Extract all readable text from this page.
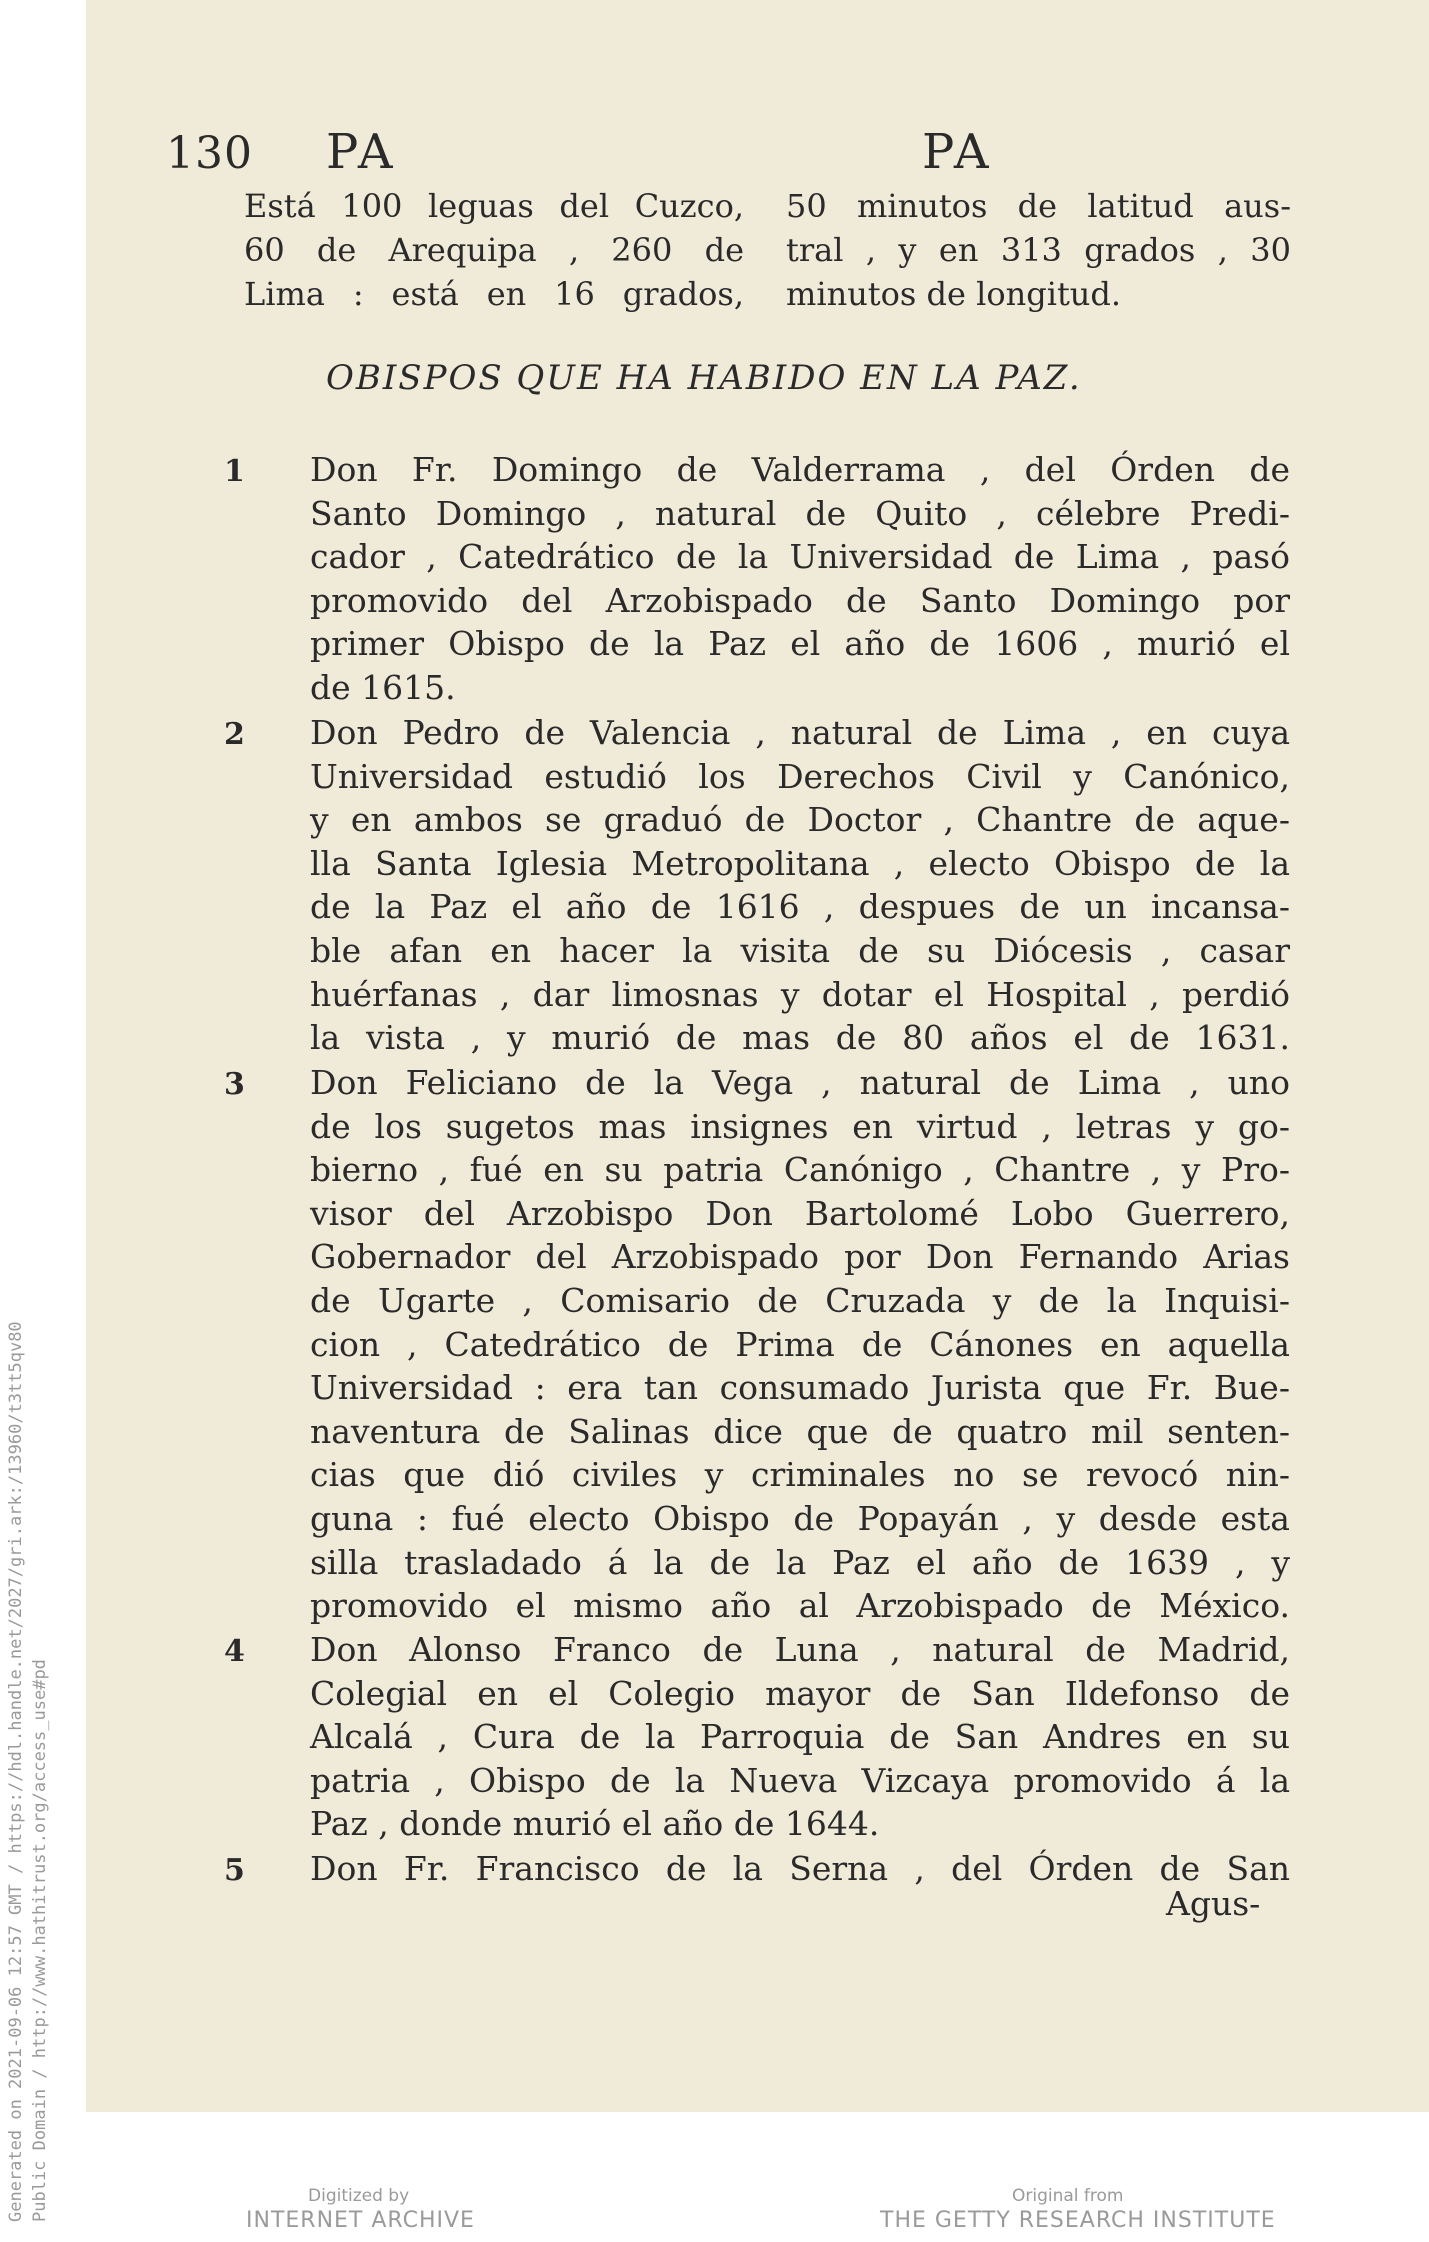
Generated on 2021-09-06 12:57 GMT / https://hdl.handle.net/2027/gri.ark:/13960/t3tt5qv80 Public Domain / http://www.hathitrust.org/access_use#pd
130 PA	PA
Está 100 leguas del Cuzco,
60 de Arequipa , 260 de
Lima : está en 16 grados,
50 minutos de latitud aus-
tral , y en 313 grados , 30
minutos de longitud.
OBISPOS QUE HA HABIDO EN LA PAZ.
1 Don Fr. Domingo de Valderrama , del Órden de
Santo Domingo , natural de Quito , célebre Predi-
cador , Catedrático de la Universidad de Lima , pasó
promovido del Arzobispado de Santo Domingo por
primer Obispo de la Paz el año de 1606 , murió el
de 1615.
2 Don Pedro de Valencia , natural de Lima , en cuya
Universidad estudió los Derechos Civil y Canónico,
y en ambos se graduó de Doctor , Chantre de aque-
lla Santa Iglesia Metropolitana , electo Obispo de la
de la Paz el año de 1616 , despues de un incansa-
ble afan en hacer la visita de su Diócesis , casar
huérfanas , dar limosnas y dotar el Hospital , perdió
la vista , y murió de mas de 80 años el de 1631.
3 Don Feliciano de la Vega , natural de Lima , uno
de los sugetos mas insignes en virtud , letras y go-
bierno , fué en su patria Canónigo , Chantre , y Pro-
visor del Arzobispo Don Bartolomé Lobo Guerrero,
Gobernador del Arzobispado por Don Fernando Arias
de Ugarte , Comisario de Cruzada y de la Inquisi-
cion , Catedrático de Prima de Cánones en aquella
Universidad : era tan consumado Jurista que Fr. Bue-
naventura de Salinas dice que de quatro mil senten-
cias que dió civiles y criminales no se revocó nin-
guna : fué electo Obispo de Popayán , y desde esta
silla trasladado á la de la Paz el año de 1639 , y
promovido el mismo año al Arzobispado de México.
4 Don Alonso Franco de Luna , natural de Madrid,
Colegial en el Colegio mayor de San Ildefonso de
Alcalá , Cura de la Parroquia de San Andres en su
patria , Obispo de la Nueva Vizcaya promovido á la
Paz , donde murió el año de 1644.
5 Don Fr. Francisco de la Serna , del Órden de San
Agus-
Digitized by
INTERNET ARCHIVE
Original from
THE GETTY RESEARCH INSTITUTE
